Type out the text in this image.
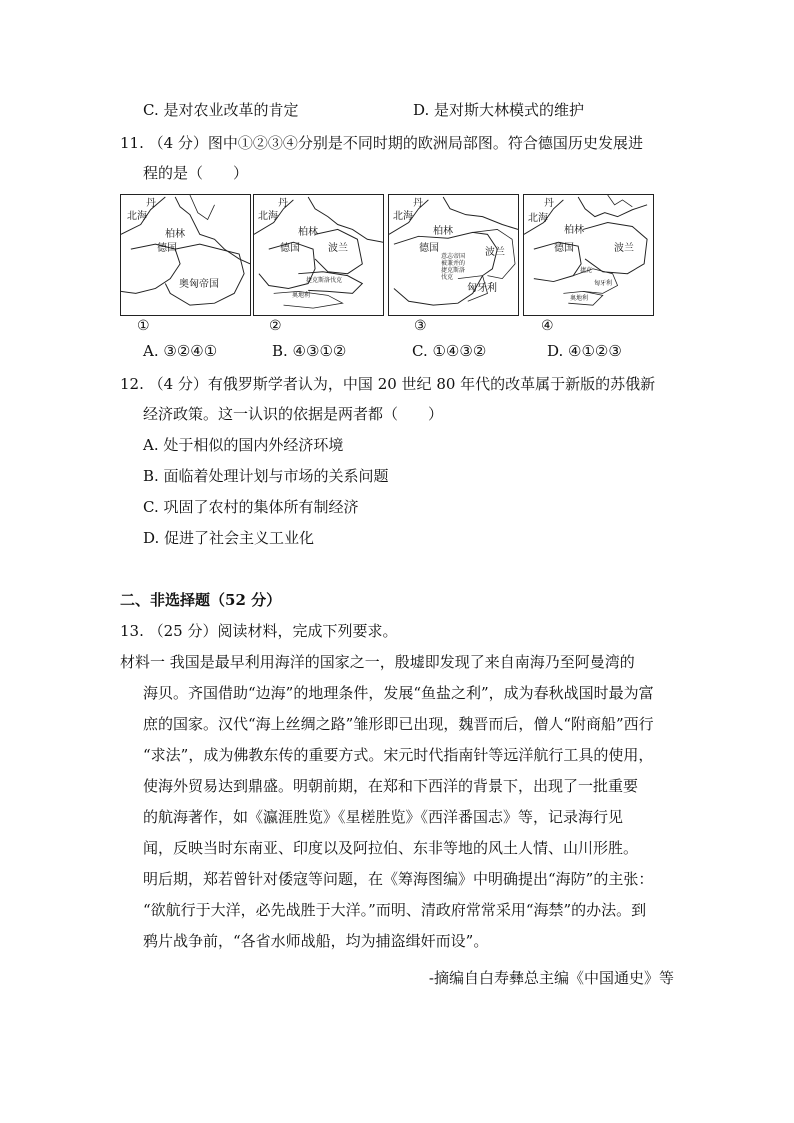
C. 是对农业改革的肯定	D. 是对斯大林模式的维护
11. （4 分）图中①②③④分别是不同时期的欧洲局部图。符合德国历史发展进
程的是（　　）
丹
北海
柏林
德国
奥匈帝国
丹
北海
柏林
德国	波兰
捷克斯洛伐克
奥地利
丹
北海
柏林
德国	波兰
意志帝国被兼并的捷克斯洛伐克
匈牙利
丹
北海
柏林
德国	波兰
捷克
匈牙利
奥地利
①	②	③	④
A. ③②④①	B. ④③①②	C. ①④③②	D. ④①②③
12. （4 分）有俄罗斯学者认为，中国 20 世纪 80 年代的改革属于新版的苏俄新
经济政策。这一认识的依据是两者都（　　）
A. 处于相似的国内外经济环境
B. 面临着处理计划与市场的关系问题
C. 巩固了农村的集体所有制经济
D. 促进了社会主义工业化
二、非选择题（52 分）
13. （25 分）阅读材料，完成下列要求。
材料一 我国是最早利用海洋的国家之一，殷墟即发现了来自南海乃至阿曼湾的
海贝。齐国借助“边海”的地理条件，发展“鱼盐之利”，成为春秋战国时最为富
庶的国家。汉代“海上丝绸之路”雏形即已出现，魏晋而后，僧人“附商船”西行
“求法”，成为佛教东传的重要方式。宋元时代指南针等远洋航行工具的使用，
使海外贸易达到鼎盛。明朝前期，在郑和下西洋的背景下，出现了一批重要
的航海著作，如《瀛涯胜览》《星槎胜览》《西洋番国志》等，记录海行见
闻，反映当时东南亚、印度以及阿拉伯、东非等地的风土人情、山川形胜。
明后期，郑若曾针对倭寇等问题，在《筹海图编》中明确提出“海防”的主张：
“欲航行于大洋，必先战胜于大洋。”而明、清政府常常采用“海禁”的办法。到
鸦片战争前，“各省水师战船，均为捕盗缉奸而设”。
-摘编自白寿彝总主编《中国通史》等
